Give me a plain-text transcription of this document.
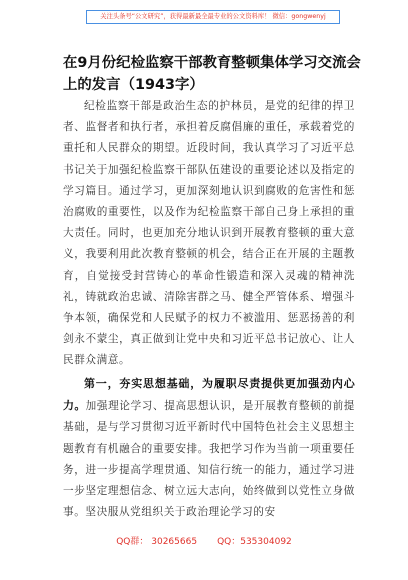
关注头条号“公文研究”，获得最新最全最专业的公文资料库！ 微信：gongwenyj
在9月份纪检监察干部教育整顿集体学习交流会上的发言（1943字）

纪检监察干部是政治生态的护林员，是党的纪律的捍卫者、监督者和执行者，承担着反腐倡廉的重任，承载着党的重托和人民群众的期望。近段时间，我认真学习了习近平总书记关于加强纪检监察干部队伍建设的重要论述以及指定的学习篇目。通过学习，更加深刻地认识到腐败的危害性和惩治腐败的重要性，以及作为纪检监察干部自己身上承担的重大责任。同时，也更加充分地认识到开展教育整顿的重大意义，我要利用此次教育整顿的机会，结合正在开展的主题教育，自觉接受封营铸心的革命性锻造和深入灵魂的精神洗礼，铸就政治忠诚、清除害群之马、健全严管体系、增强斗争本领，确保党和人民赋予的权力不被滥用、惩恶扬善的利剑永不蒙尘，真正做到让党中央和习近平总书记放心、让人民群众满意。

第一，夯实思想基础，为履职尽责提供更加强劲内心力。加强理论学习、提高思想认识，是开展教育整顿的前提基础，是与学习贯彻习近平新时代中国特色社会主义思想主题教育有机融合的重要安排。我把学习作为当前一项重要任务，进一步提高学理贯通、知信行统一的能力，通过学习进一步坚定理想信念、树立远大志向，始终做到以党性立身做事。坚决服从党组织关于政治理论学习的安

QQ群： 30265665 QQ：535304092
